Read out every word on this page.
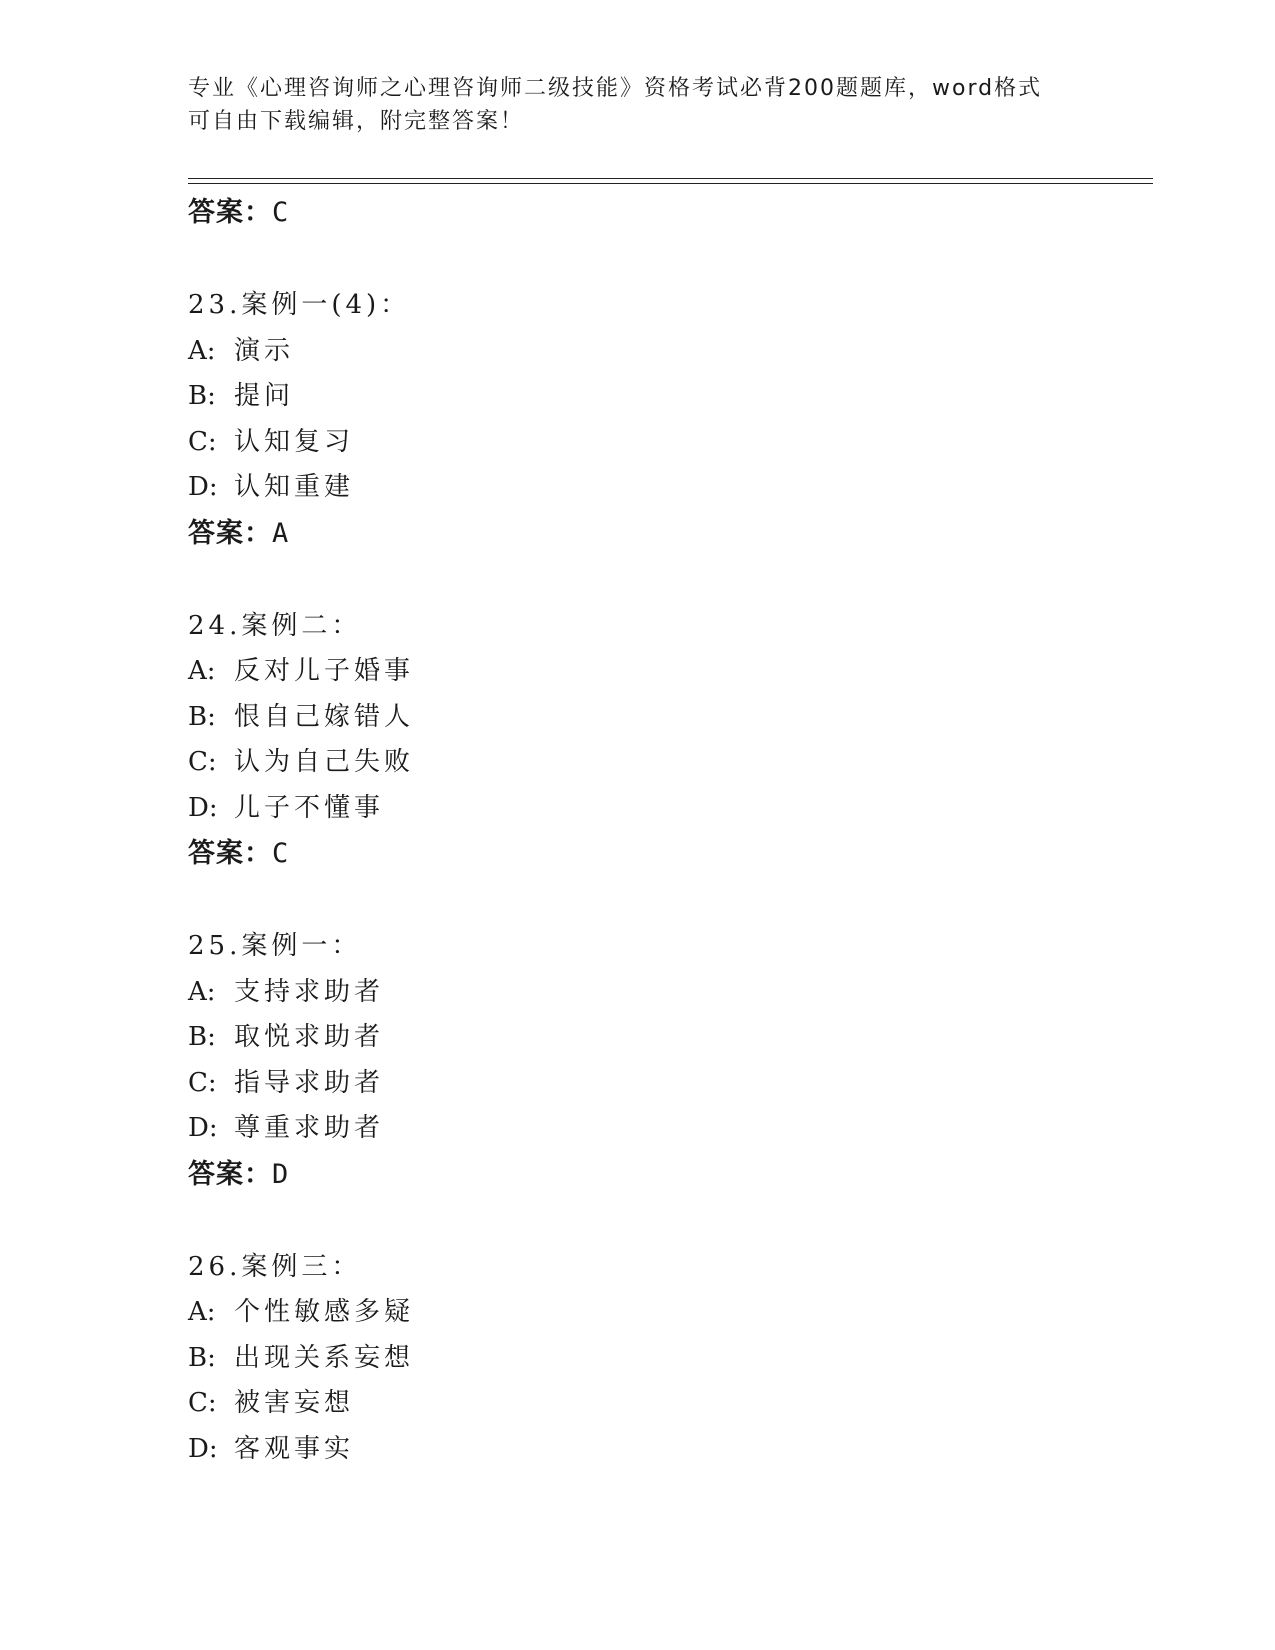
专业《心理咨询师之心理咨询师二级技能》资格考试必背200题题库，word格式
可自由下载编辑，附完整答案！
答案：C
23.案例一(4)：
A: 演示
B: 提问
C: 认知复习
D: 认知重建
答案：A
24.案例二：
A: 反对儿子婚事
B: 恨自己嫁错人
C: 认为自己失败
D: 儿子不懂事
答案：C
25.案例一：
A: 支持求助者
B: 取悦求助者
C: 指导求助者
D: 尊重求助者
答案：D
26.案例三：
A: 个性敏感多疑
B: 出现关系妄想
C: 被害妄想
D: 客观事实
